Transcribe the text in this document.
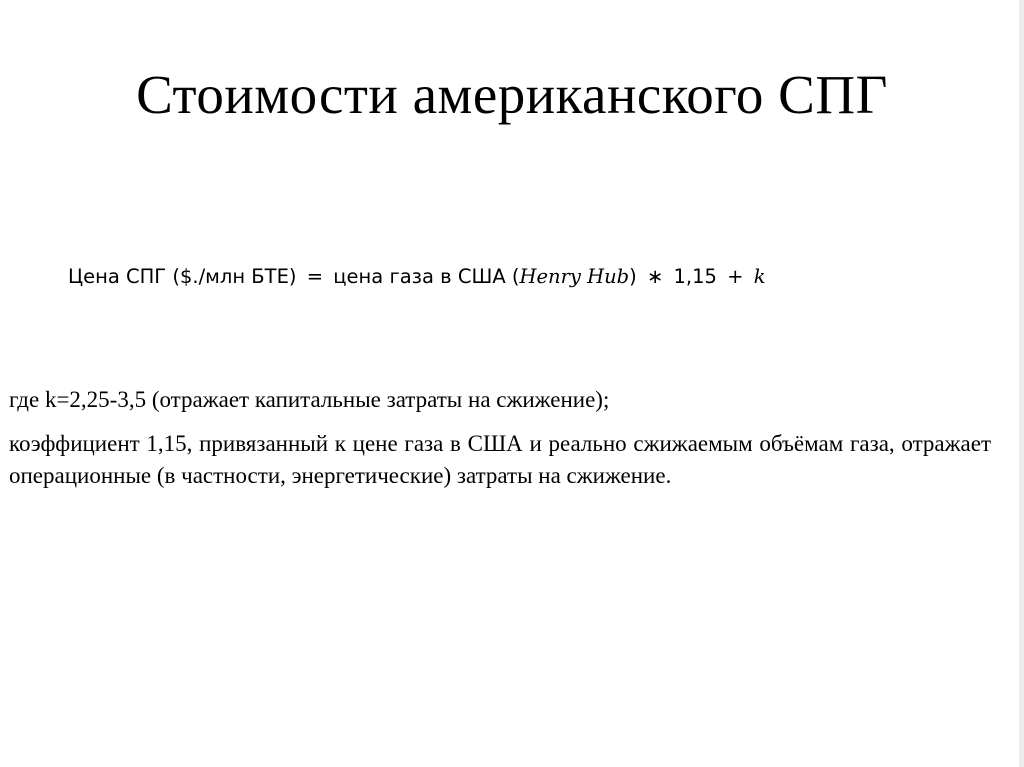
Стоимости американского СПГ
Цена СПГ ($./млн БТЕ) = цена газа в США (Henry Hub) ∗ 1,15 + k
где k=2,25-3,5 (отражает капитальные затраты на сжижение);
коэффициент 1,15, привязанный к цене газа в США и реально сжижаемым объёмам газа, отражает операционные (в частности, энергетические) затраты на сжижение.
